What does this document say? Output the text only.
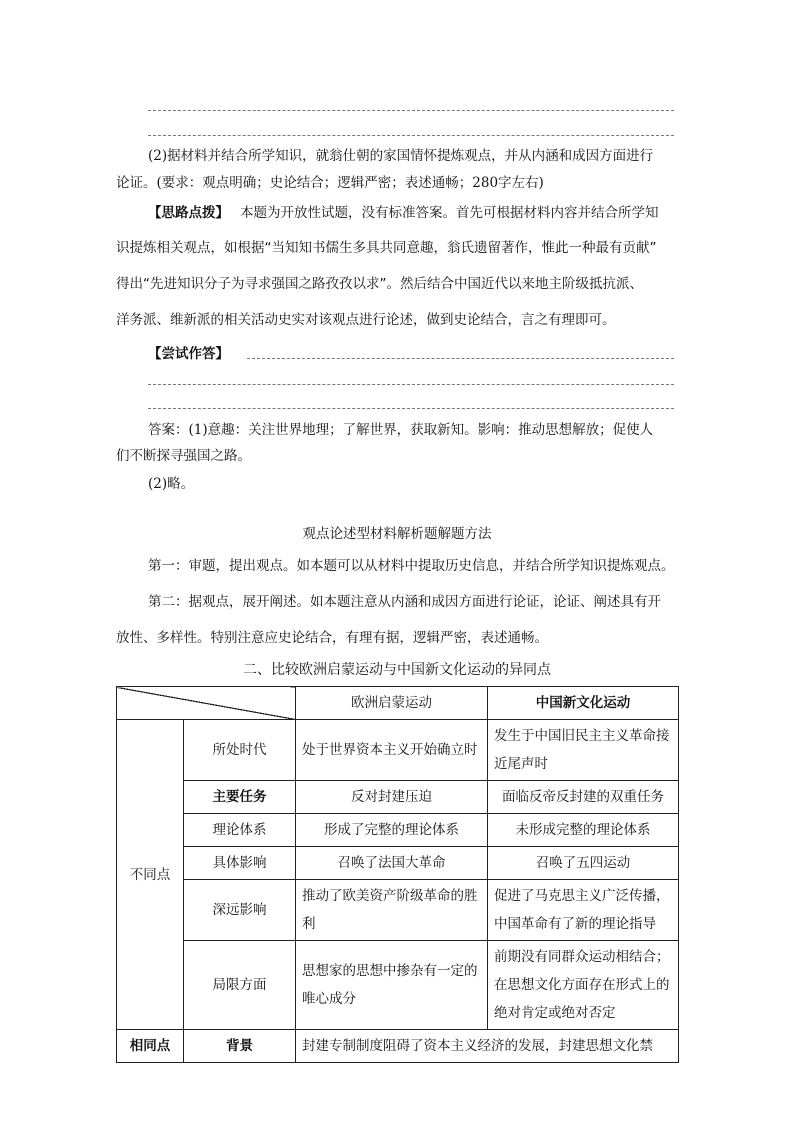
(2)据材料并结合所学知识，就翁仕朝的家国情怀提炼观点，并从内涵和成因方面进行
论证。(要求：观点明确；史论结合；逻辑严密；表述通畅；280字左右)
【思路点拨】 本题为开放性试题，没有标准答案。首先可根据材料内容并结合所学知
识提炼相关观点，如根据“当知知书儒生多具共同意趣，翁氏遗留著作，惟此一种最有贡献”
得出“先进知识分子为寻求强国之路孜孜以求”。然后结合中国近代以来地主阶级抵抗派、
洋务派、维新派的相关活动史实对该观点进行论述，做到史论结合，言之有理即可。
【尝试作答】
答案：(1)意趣：关注世界地理；了解世界，获取新知。影响：推动思想解放；促使人
们不断探寻强国之路。
(2)略。
观点论述型材料解析题解题方法
第一：审题，提出观点。如本题可以从材料中提取历史信息，并结合所学知识提炼观点。
第二：据观点，展开阐述。如本题注意从内涵和成因方面进行论证，论证、阐述具有开
放性、多样性。特别注意应史论结合，有理有据，逻辑严密，表述通畅。
二、比较欧洲启蒙运动与中国新文化运动的异同点
		欧洲启蒙运动	中国新文化运动
不同点	所处时代	处于世界资本主义开始确立时	发生于中国旧民主主义革命接近尾声时
	主要任务	反对封建压迫	面临反帝反封建的双重任务
	理论体系	形成了完整的理论体系	未形成完整的理论体系
	具体影响	召唤了法国大革命	召唤了五四运动
	深远影响	推动了欧美资产阶级革命的胜利	促进了马克思主义广泛传播，中国革命有了新的理论指导
	局限方面	思想家的思想中掺杂有一定的唯心成分	前期没有同群众运动相结合；在思想文化方面存在形式上的绝对肯定或绝对否定
相同点	背景	封建专制制度阻碍了资本主义经济的发展，封建思想文化禁	
